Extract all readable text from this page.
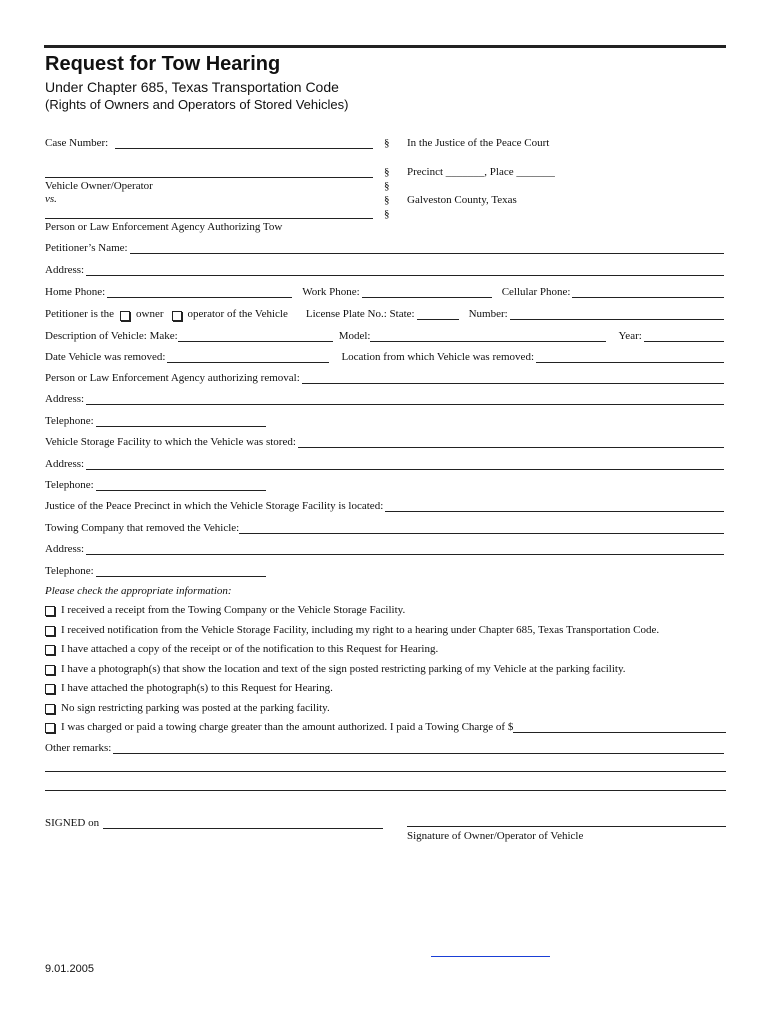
Request for Tow Hearing
Under Chapter 685, Texas Transportation Code
(Rights of Owners and Operators of Stored Vehicles)
Case Number:	§ In the Justice of the Peace Court
§ Precinct _______, Place _______
Vehicle Owner/Operator	§
vs.	§ Galveston County, Texas
§
Person or Law Enforcement Agency Authorizing Tow
Petitioner’s Name:
Address:
Home Phone:	Work Phone:	Cellular Phone:
Petitioner is the owner operator of the Vehicle License Plate No.: State:	Number:
Description of Vehicle: Make:	Model:	Year:
Date Vehicle was removed:	Location from which Vehicle was removed:
Person or Law Enforcement Agency authorizing removal:
Address:
Telephone:
Vehicle Storage Facility to which the Vehicle was stored:
Address:
Telephone:
Justice of the Peace Precinct in which the Vehicle Storage Facility is located:
Towing Company that removed the Vehicle:
Address:
Telephone:
Please check the appropriate information:
I received a receipt from the Towing Company or the Vehicle Storage Facility.
I received notification from the Vehicle Storage Facility, including my right to a hearing under Chapter 685, Texas Transportation Code.
I have attached a copy of the receipt or of the notification to this Request for Hearing.
I have a photograph(s) that show the location and text of the sign posted restricting parking of my Vehicle at the parking facility.
I have attached the photograph(s) to this Request for Hearing.
No sign restricting parking was posted at the parking facility.
I was charged or paid a towing charge greater than the amount authorized. I paid a Towing Charge of $
Other remarks:
SIGNED on
Signature of Owner/Operator of Vehicle
9.01.2005
